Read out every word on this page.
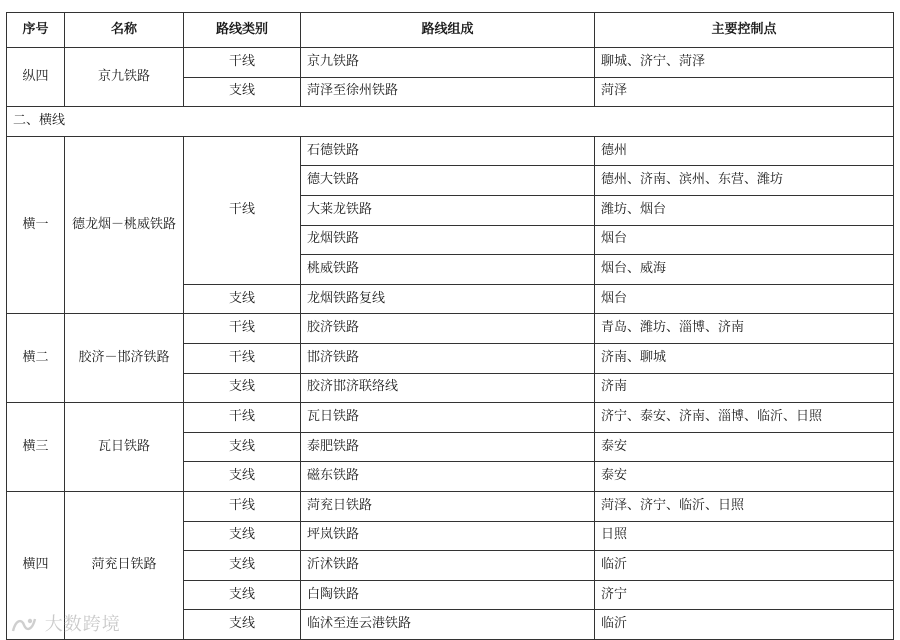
序号	名称	路线类别	路线组成	主要控制点
纵四	京九铁路	干线	京九铁路	聊城、济宁、菏泽
		支线	菏泽至徐州铁路	菏泽
二、横线				
横一	德龙烟－桃威铁路	干线	石德铁路	德州
			德大铁路	德州、济南、滨州、东营、潍坊
			大莱龙铁路	潍坊、烟台
			龙烟铁路	烟台
			桃威铁路	烟台、威海
		支线	龙烟铁路复线	烟台
横二	胶济－邯济铁路	干线	胶济铁路	青岛、潍坊、淄博、济南
		干线	邯济铁路	济南、聊城
		支线	胶济邯济联络线	济南
横三	瓦日铁路	干线	瓦日铁路	济宁、泰安、济南、淄博、临沂、日照
		支线	泰肥铁路	泰安
		支线	磁东铁路	泰安
横四	菏兖日铁路	干线	菏兖日铁路	菏泽、济宁、临沂、日照
		支线	坪岚铁路	日照
		支线	沂沭铁路	临沂
		支线	白陶铁路	济宁
		支线	临沭至连云港铁路	临沂
大数跨境
